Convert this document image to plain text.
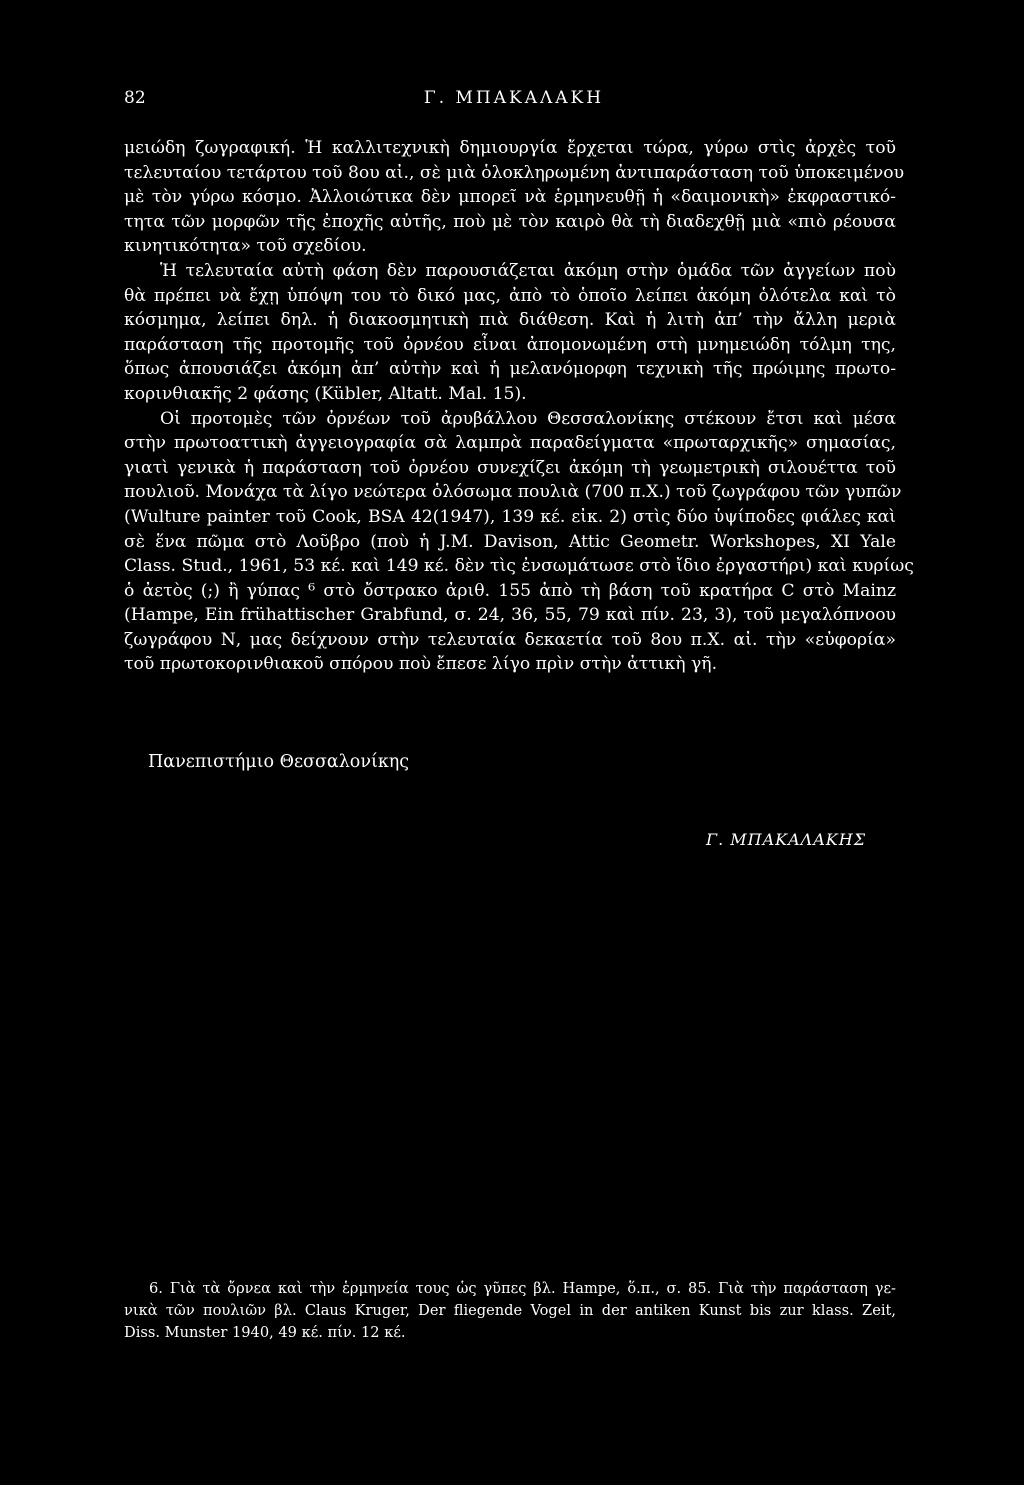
82	Γ. ΜΠΑΚΑΛΑΚΗ
μειώδη ζωγραφική. Ἡ καλλιτεχνικὴ δημιουργία ἔρχεται τώρα, γύρω στὶς ἀρχὲς τοῦ
τελευταίου τετάρτου τοῦ 8ου αἰ., σὲ μιὰ ὁλοκληρωμένη ἀντιπαράσταση τοῦ ὑποκειμένου
μὲ τὸν γύρω κόσμο. Ἀλλοιώτικα δὲν μπορεῖ νὰ ἑρμηνευθῇ ἡ «δαιμονικὴ» ἐκφραστικό-
τητα τῶν μορφῶν τῆς ἐποχῆς αὐτῆς, ποὺ μὲ τὸν καιρὸ θὰ τὴ διαδεχθῇ μιὰ «πιὸ ρέουσα
κινητικότητα» τοῦ σχεδίου.
Ἡ τελευταία αὐτὴ φάση δὲν παρουσιάζεται ἀκόμη στὴν ὁμάδα τῶν ἀγγείων ποὺ
θὰ πρέπει νὰ ἔχῃ ὑπόψη του τὸ δικό μας, ἀπὸ τὸ ὁποῖο λείπει ἀκόμη ὁλότελα καὶ τὸ
κόσμημα, λείπει δηλ. ἡ διακοσμητικὴ πιὰ διάθεση. Καὶ ἡ λιτὴ ἀπ’ τὴν ἄλλη μεριὰ
παράσταση τῆς προτομῆς τοῦ ὀρνέου εἶναι ἀπομονωμένη στὴ μνημειώδη τόλμη της,
ὅπως ἀπουσιάζει ἀκόμη ἀπ’ αὐτὴν καὶ ἡ μελανόμορφη τεχνικὴ τῆς πρώιμης πρωτο-
κορινθιακῆς 2 φάσης (Kübler, Altatt. Mal. 15).
Οἱ προτομὲς τῶν ὀρνέων τοῦ ἀρυβάλλου Θεσσαλονίκης στέκουν ἔτσι καὶ μέσα
στὴν πρωτοαττικὴ ἀγγειογραφία σὰ λαμπρὰ παραδείγματα «πρωταρχικῆς» σημασίας,
γιατὶ γενικὰ ἡ παράσταση τοῦ ὀρνέου συνεχίζει ἀκόμη τὴ γεωμετρικὴ σιλουέττα τοῦ
πουλιοῦ. Μονάχα τὰ λίγο νεώτερα ὁλόσωμα πουλιὰ (700 π.Χ.) τοῦ ζωγράφου τῶν γυπῶν
(Wulture painter τοῦ Cook, BSA 42(1947), 139 κέ. εἰκ. 2) στὶς δύο ὑψίποδες φιάλες καὶ
σὲ ἕνα πῶμα στὸ Λοῦβρο (ποὺ ἡ J.M. Davison, Attic Geometr. Workshopes, XI Yale
Class. Stud., 1961, 53 κέ. καὶ 149 κέ. δὲν τὶς ἐνσωμάτωσε στὸ ἴδιο ἐργαστήρι) καὶ κυρίως
ὁ ἀετὸς (;) ἢ γύπας ⁶ στὸ ὄστρακο ἀριθ. 155 ἀπὸ τὴ βάση τοῦ κρατήρα C στὸ Mainz
(Hampe, Ein frühattischer Grabfund, σ. 24, 36, 55, 79 καὶ πίν. 23, 3), τοῦ μεγαλόπνοου
ζωγράφου Ν, μας δείχνουν στὴν τελευταία δεκαετία τοῦ 8ου π.Χ. αἰ. τὴν «εὐφορία»
τοῦ πρωτοκορινθιακοῦ σπόρου ποὺ ἔπεσε λίγο πρὶν στὴν ἀττικὴ γῆ.
Πανεπιστήμιο Θεσσαλονίκης
Γ. ΜΠΑΚΑΛΑΚΗΣ
6. Γιὰ τὰ ὄρνεα καὶ τὴν ἑρμηνεία τους ὡς γῦπες βλ. Hampe, ὅ.π., σ. 85. Γιὰ τὴν παράσταση γε-
νικὰ τῶν πουλιῶν βλ. Claus Kruger, Der fliegende Vogel in der antiken Kunst bis zur klass. Zeit,
Diss. Munster 1940, 49 κέ. πίν. 12 κέ.
